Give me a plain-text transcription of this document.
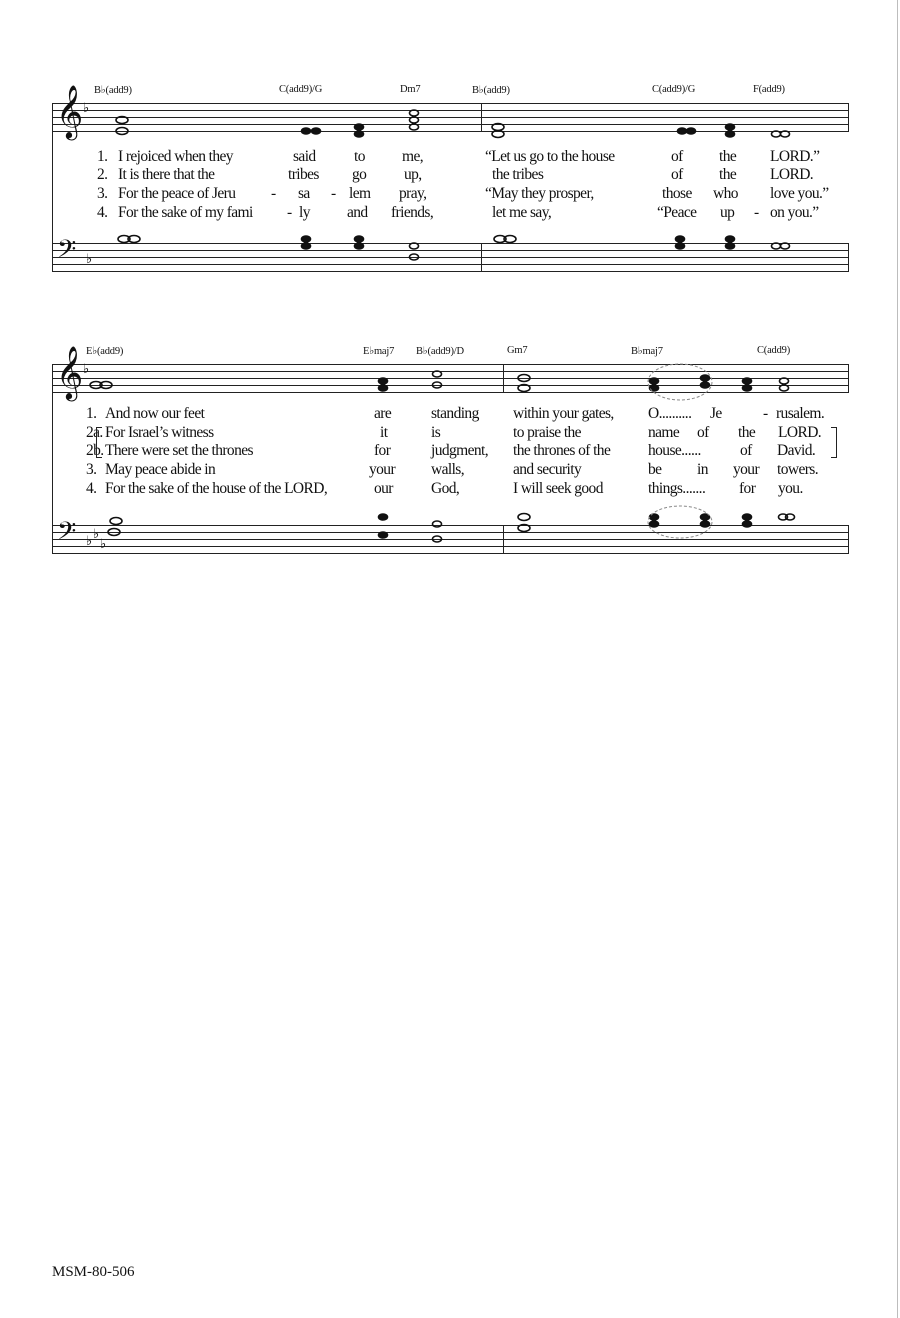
B♭(add9)	C(add9)/G	Dm7	B♭(add9)	C(add9)/G	F(add9)
𝄞 ♭
1. I rejoiced when they	said to me,	“Let us go to the house	of the LORD.”
2. It is there that the	tribes go up,	the tribes	of the LORD.
3. For the peace of Jeru - sa - lem pray,	“May they prosper,	those who love you.”
4. For the sake of my fami - ly and friends,	let me say,	“Peace up - on you.”
𝄢 ♭
E♭(add9)	E♭maj7 B♭(add9)/D	Gm7	B♭maj7	C(add9)
𝄞 ♭
1. And now our feet	are	standing within your gates, O.......... Je	- rusalem.
2a. For Israel’s witness	it	is	to praise the	name of the LORD.
2b. There were set the thrones	for	judgment, the thrones of the house......	of David.
3. May peace abide in	your walls,	and security	be in your towers.
4. For the sake of the house of the LORD,	our God,	I will seek good	things....... for you.
𝄢 ♭ ♭
♭
MSM-80-506
